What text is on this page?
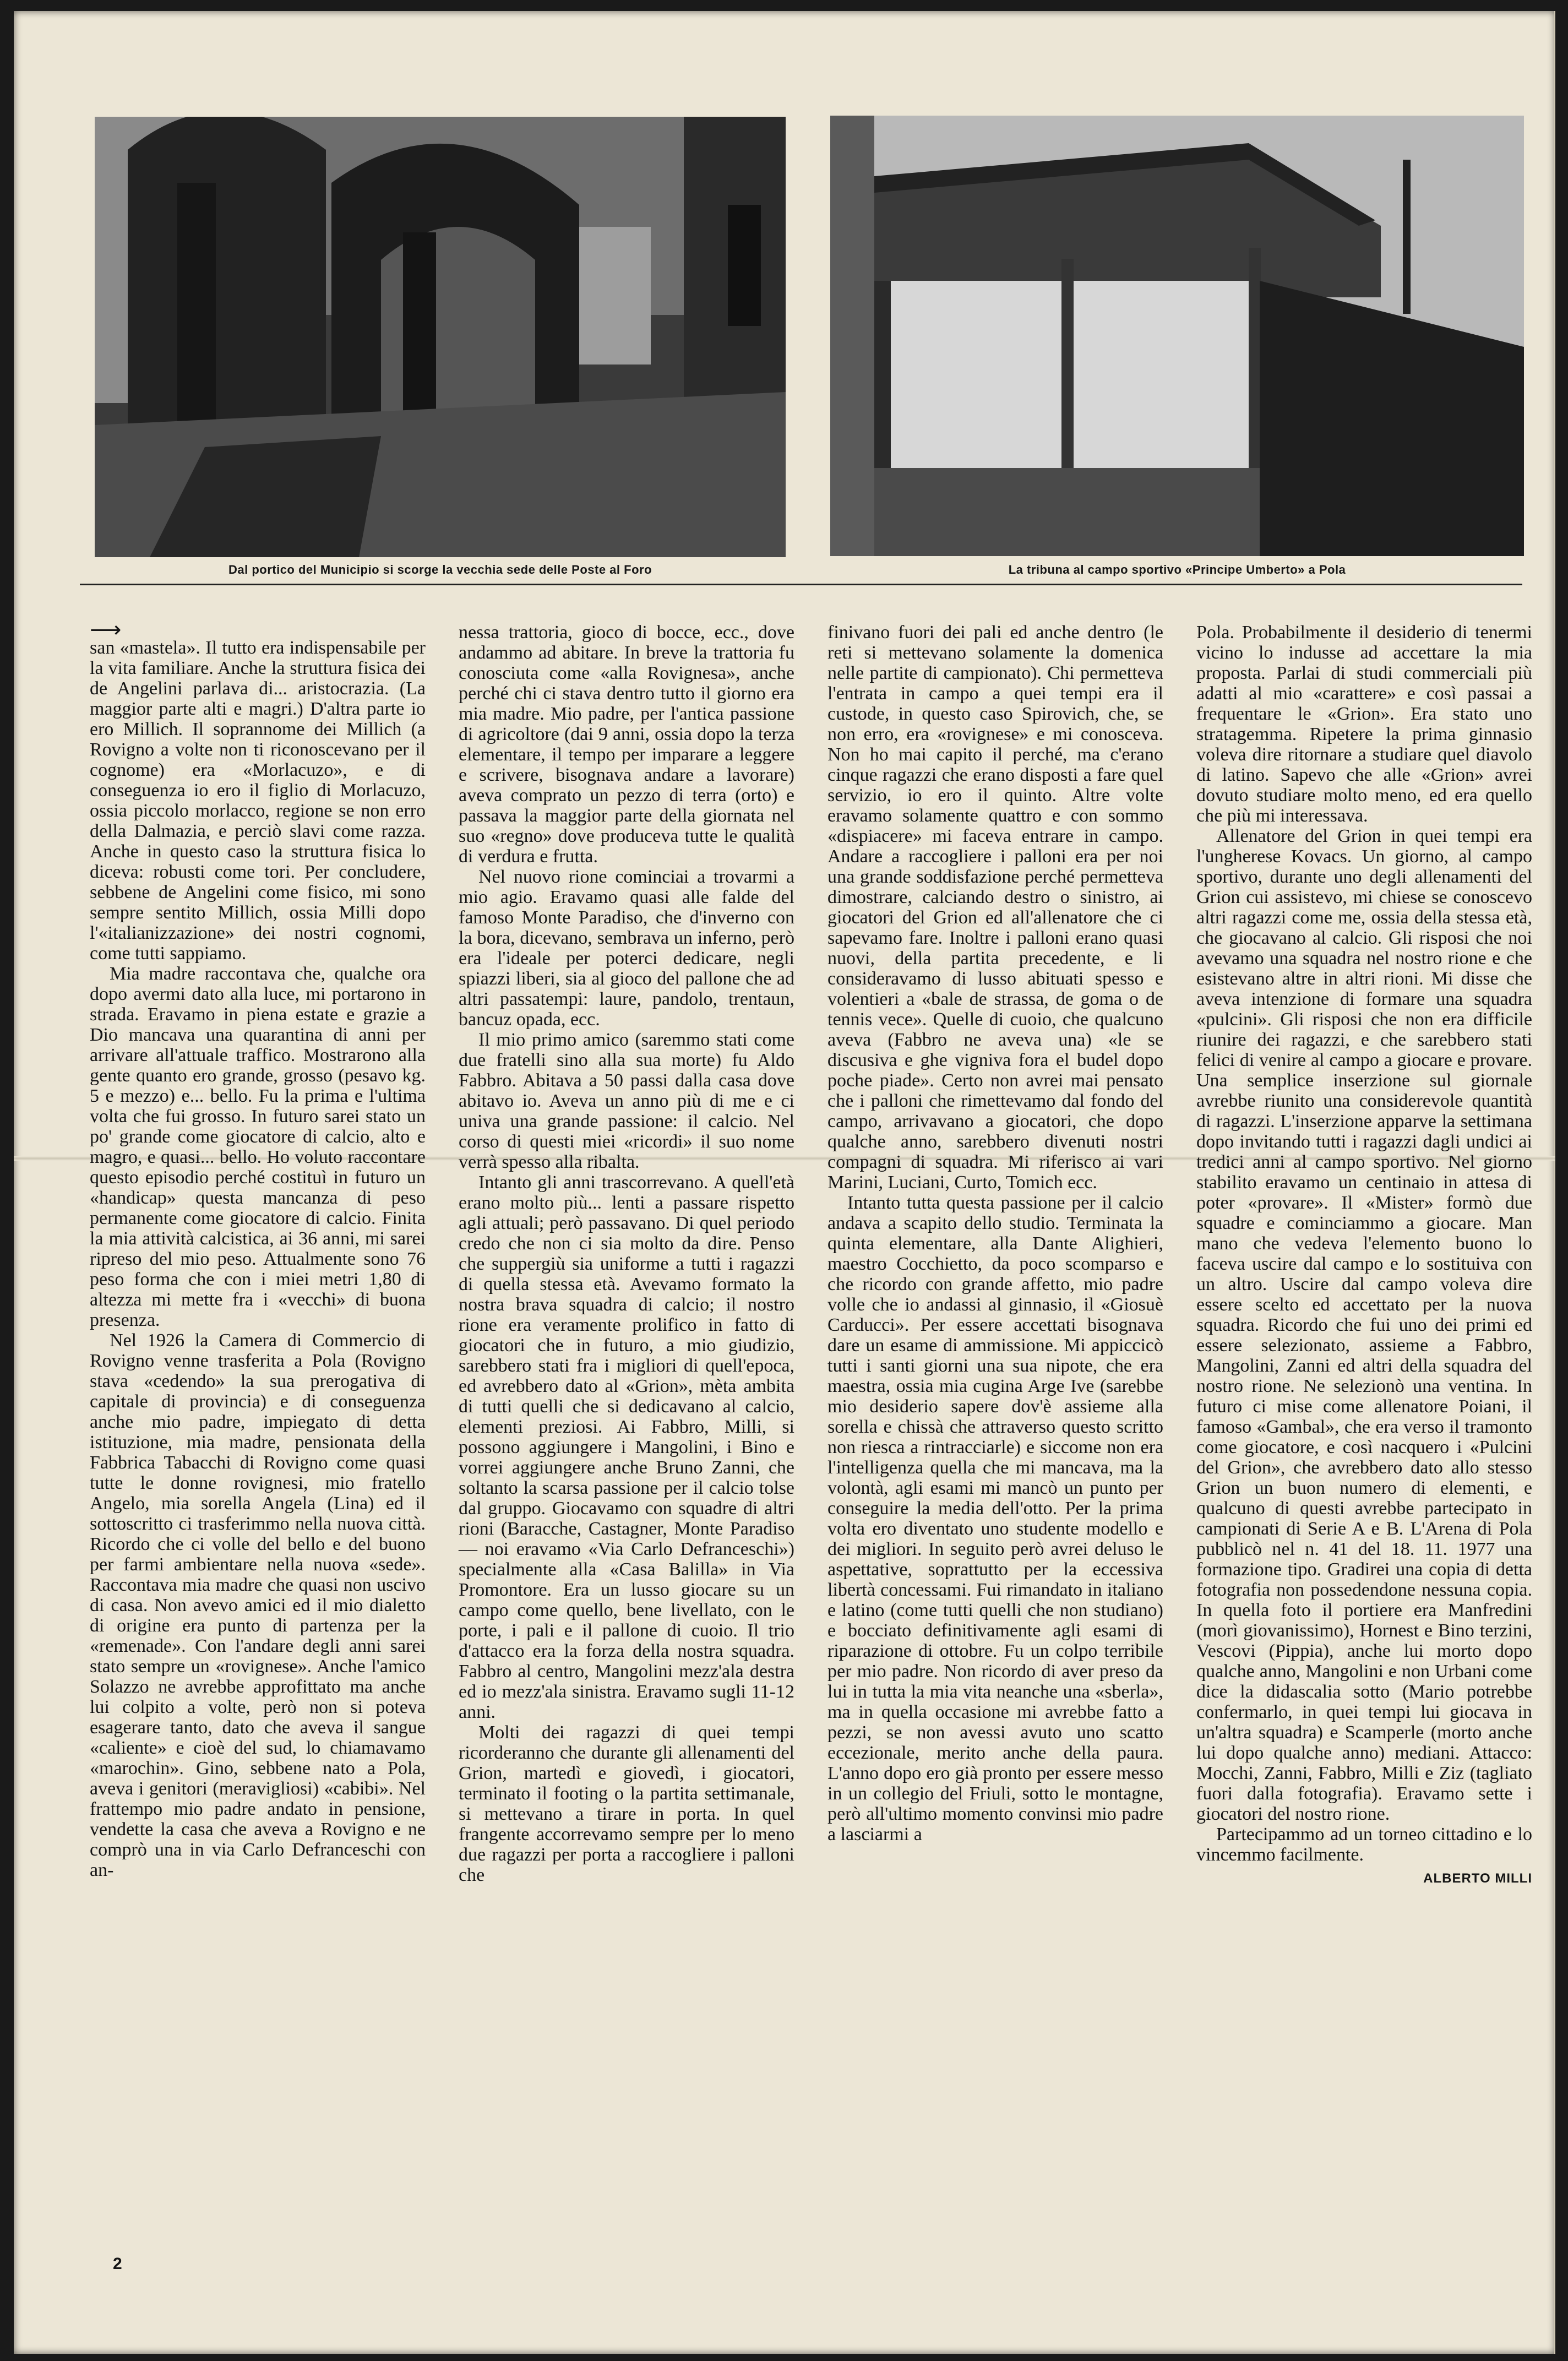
Dal portico del Municipio si scorge la vecchia sede delle Poste al Foro	La tribuna al campo sportivo «Principe Umberto» a Pola
⟶

san «mastela». Il tutto era indispensabile per la vita familiare. Anche la struttura fisica dei de Angelini parlava di... aristocrazia. (La maggior parte alti e magri.) D'altra parte io ero Millich. Il soprannome dei Millich (a Rovigno a volte non ti riconoscevano per il cognome) era «Morlacuzo», e di conseguenza io ero il figlio di Morlacuzo, ossia piccolo morlacco, regione se non erro della Dalmazia, e perciò slavi come razza. Anche in questo caso la struttura fisica lo diceva: robusti come tori. Per concludere, sebbene de Angelini come fisico, mi sono sempre sentito Millich, ossia Milli dopo l'«italianizzazione» dei nostri cognomi, come tutti sappiamo.

Mia madre raccontava che, qualche ora dopo avermi dato alla luce, mi portarono in strada. Eravamo in piena estate e grazie a Dio mancava una quarantina di anni per arrivare all'attuale traffico. Mostrarono alla gente quanto ero grande, grosso (pesavo kg. 5 e mezzo) e... bello. Fu la prima e l'ultima volta che fui grosso. In futuro sarei stato un po' grande come giocatore di calcio, alto e magro, e quasi... bello. Ho voluto raccontare questo episodio perché costituì in futuro un «handicap» questa mancanza di peso permanente come giocatore di calcio. Finita la mia attività calcistica, ai 36 anni, mi sarei ripreso del mio peso. Attualmente sono 76 peso forma che con i miei metri 1,80 di altezza mi mette fra i «vecchi» di buona presenza.

Nel 1926 la Camera di Commercio di Rovigno venne trasferita a Pola (Rovigno stava «cedendo» la sua prerogativa di capitale di provincia) e di conseguenza anche mio padre, impiegato di detta istituzione, mia madre, pensionata della Fabbrica Tabacchi di Rovigno come quasi tutte le donne rovignesi, mio fratello Angelo, mia sorella Angela (Lina) ed il sottoscritto ci trasferimmo nella nuova città. Ricordo che ci volle del bello e del buono per farmi ambientare nella nuova «sede». Raccontava mia madre che quasi non uscivo di casa. Non avevo amici ed il mio dialetto di origine era punto di partenza per la «remenade». Con l'andare degli anni sarei stato sempre un «rovignese». Anche l'amico Solazzo ne avrebbe approfittato ma anche lui colpito a volte, però non si poteva esagerare tanto, dato che aveva il sangue «caliente» e cioè del sud, lo chiamavamo «marochin». Gino, sebbene nato a Pola, aveva i genitori (meravigliosi) «cabibi». Nel frattempo mio padre andato in pensione, vendette la casa che aveva a Rovigno e ne comprò una in via Carlo Defranceschi con an-

nessa trattoria, gioco di bocce, ecc., dove andammo ad abitare. In breve la trattoria fu conosciuta come «alla Rovignesa», anche perché chi ci stava dentro tutto il giorno era mia madre. Mio padre, per l'antica passione di agricoltore (dai 9 anni, ossia dopo la terza elementare, il tempo per imparare a leggere e scrivere, bisognava andare a lavorare) aveva comprato un pezzo di terra (orto) e passava la maggior parte della giornata nel suo «regno» dove produceva tutte le qualità di verdura e frutta.

Nel nuovo rione cominciai a trovarmi a mio agio. Eravamo quasi alle falde del famoso Monte Paradiso, che d'inverno con la bora, dicevano, sembrava un inferno, però era l'ideale per poterci dedicare, negli spiazzi liberi, sia al gioco del pallone che ad altri passatempi: laure, pandolo, trentaun, bancuz opada, ecc.

Il mio primo amico (saremmo stati come due fratelli sino alla sua morte) fu Aldo Fabbro. Abitava a 50 passi dalla casa dove abitavo io. Aveva un anno più di me e ci univa una grande passione: il calcio. Nel corso di questi miei «ricordi» il suo nome verrà spesso alla ribalta.

Intanto gli anni trascorrevano. A quell'età erano molto più... lenti a passare rispetto agli attuali; però passavano. Di quel periodo credo che non ci sia molto da dire. Penso che suppergiù sia uniforme a tutti i ragazzi di quella stessa età. Avevamo formato la nostra brava squadra di calcio; il nostro rione era veramente prolifico in fatto di giocatori che in futuro, a mio giudizio, sarebbero stati fra i migliori di quell'epoca, ed avrebbero dato al «Grion», mèta ambita di tutti quelli che si dedicavano al calcio, elementi preziosi. Ai Fabbro, Milli, si possono aggiungere i Mangolini, i Bino e vorrei aggiungere anche Bruno Zanni, che soltanto la scarsa passione per il calcio tolse dal gruppo. Giocavamo con squadre di altri rioni (Baracche, Castagner, Monte Paradiso — noi eravamo «Via Carlo Defranceschi») specialmente alla «Casa Balilla» in Via Promontore. Era un lusso giocare su un campo come quello, bene livellato, con le porte, i pali e il pallone di cuoio. Il trio d'attacco era la forza della nostra squadra. Fabbro al centro, Mangolini mezz'ala destra ed io mezz'ala sinistra. Eravamo sugli 11-12 anni.

Molti dei ragazzi di quei tempi ricorderanno che durante gli allenamenti del Grion, martedì e giovedì, i giocatori, terminato il footing o la partita settimanale, si mettevano a tirare in porta. In quel frangente accorrevamo sempre per lo meno due ragazzi per porta a raccogliere i palloni che

finivano fuori dei pali ed anche dentro (le reti si mettevano solamente la domenica nelle partite di campionato). Chi permetteva l'entrata in campo a quei tempi era il custode, in questo caso Spirovich, che, se non erro, era «rovignese» e mi conosceva. Non ho mai capito il perché, ma c'erano cinque ragazzi che erano disposti a fare quel servizio, io ero il quinto. Altre volte eravamo solamente quattro e con sommo «dispiacere» mi faceva entrare in campo. Andare a raccogliere i palloni era per noi una grande soddisfazione perché permetteva dimostrare, calciando destro o sinistro, ai giocatori del Grion ed all'allenatore che ci sapevamo fare. Inoltre i palloni erano quasi nuovi, della partita precedente, e li consideravamo di lusso abituati spesso e volentieri a «bale de strassa, de goma o de tennis vece». Quelle di cuoio, che qualcuno aveva (Fabbro ne aveva una) «le se discusiva e ghe vigniva fora el budel dopo poche piade». Certo non avrei mai pensato che i palloni che rimettevamo dal fondo del campo, arrivavano a giocatori, che dopo qualche anno, sarebbero divenuti nostri compagni di squadra. Mi riferisco ai vari Marini, Luciani, Curto, Tomich ecc.

Intanto tutta questa passione per il calcio andava a scapito dello studio. Terminata la quinta elementare, alla Dante Alighieri, maestro Cocchietto, da poco scomparso e che ricordo con grande affetto, mio padre volle che io andassi al ginnasio, il «Giosuè Carducci». Per essere accettati bisognava dare un esame di ammissione. Mi appiccicò tutti i santi giorni una sua nipote, che era maestra, ossia mia cugina Arge Ive (sarebbe mio desiderio sapere dov'è assieme alla sorella e chissà che attraverso questo scritto non riesca a rintracciarle) e siccome non era l'intelligenza quella che mi mancava, ma la volontà, agli esami mi mancò un punto per conseguire la media dell'otto. Per la prima volta ero diventato uno studente modello e dei migliori. In seguito però avrei deluso le aspettative, soprattutto per la eccessiva libertà concessami. Fui rimandato in italiano e latino (come tutti quelli che non studiano) e bocciato definitivamente agli esami di riparazione di ottobre. Fu un colpo terribile per mio padre. Non ricordo di aver preso da lui in tutta la mia vita neanche una «sberla», ma in quella occasione mi avrebbe fatto a pezzi, se non avessi avuto uno scatto eccezionale, merito anche della paura. L'anno dopo ero già pronto per essere messo in un collegio del Friuli, sotto le montagne, però all'ultimo momento convinsi mio padre a lasciarmi a

Pola. Probabilmente il desiderio di tenermi vicino lo indusse ad accettare la mia proposta. Parlai di studi commerciali più adatti al mio «carattere» e così passai a frequentare le «Grion». Era stato uno stratagemma. Ripetere la prima ginnasio voleva dire ritornare a studiare quel diavolo di latino. Sapevo che alle «Grion» avrei dovuto studiare molto meno, ed era quello che più mi interessava.

Allenatore del Grion in quei tempi era l'ungherese Kovacs. Un giorno, al campo sportivo, durante uno degli allenamenti del Grion cui assistevo, mi chiese se conoscevo altri ragazzi come me, ossia della stessa età, che giocavano al calcio. Gli risposi che noi avevamo una squadra nel nostro rione e che esistevano altre in altri rioni. Mi disse che aveva intenzione di formare una squadra «pulcini». Gli risposi che non era difficile riunire dei ragazzi, e che sarebbero stati felici di venire al campo a giocare e provare. Una semplice inserzione sul giornale avrebbe riunito una considerevole quantità di ragazzi. L'inserzione apparve la settimana dopo invitando tutti i ragazzi dagli undici ai tredici anni al campo sportivo. Nel giorno stabilito eravamo un centinaio in attesa di poter «provare». Il «Mister» formò due squadre e cominciammo a giocare. Man mano che vedeva l'elemento buono lo faceva uscire dal campo e lo sostituiva con un altro. Uscire dal campo voleva dire essere scelto ed accettato per la nuova squadra. Ricordo che fui uno dei primi ed essere selezionato, assieme a Fabbro, Mangolini, Zanni ed altri della squadra del nostro rione. Ne selezionò una ventina. In futuro ci mise come allenatore Poiani, il famoso «Gambal», che era verso il tramonto come giocatore, e così nacquero i «Pulcini del Grion», che avrebbero dato allo stesso Grion un buon numero di elementi, e qualcuno di questi avrebbe partecipato in campionati di Serie A e B. L'Arena di Pola pubblicò nel n. 41 del 18. 11. 1977 una formazione tipo. Gradirei una copia di detta fotografia non possedendone nessuna copia. In quella foto il portiere era Manfredini (morì giovanissimo), Hornest e Bino terzini, Vescovi (Pippia), anche lui morto dopo qualche anno, Mangolini e non Urbani come dice la didascalia sotto (Mario potrebbe confermarlo, in quei tempi lui giocava in un'altra squadra) e Scamperle (morto anche lui dopo qualche anno) mediani. Attacco: Mocchi, Zanni, Fabbro, Milli e Ziz (tagliato fuori dalla fotografia). Eravamo sette i giocatori del nostro rione.

Partecipammo ad un torneo cittadino e lo vincemmo facilmente.

ALBERTO MILLI
2
